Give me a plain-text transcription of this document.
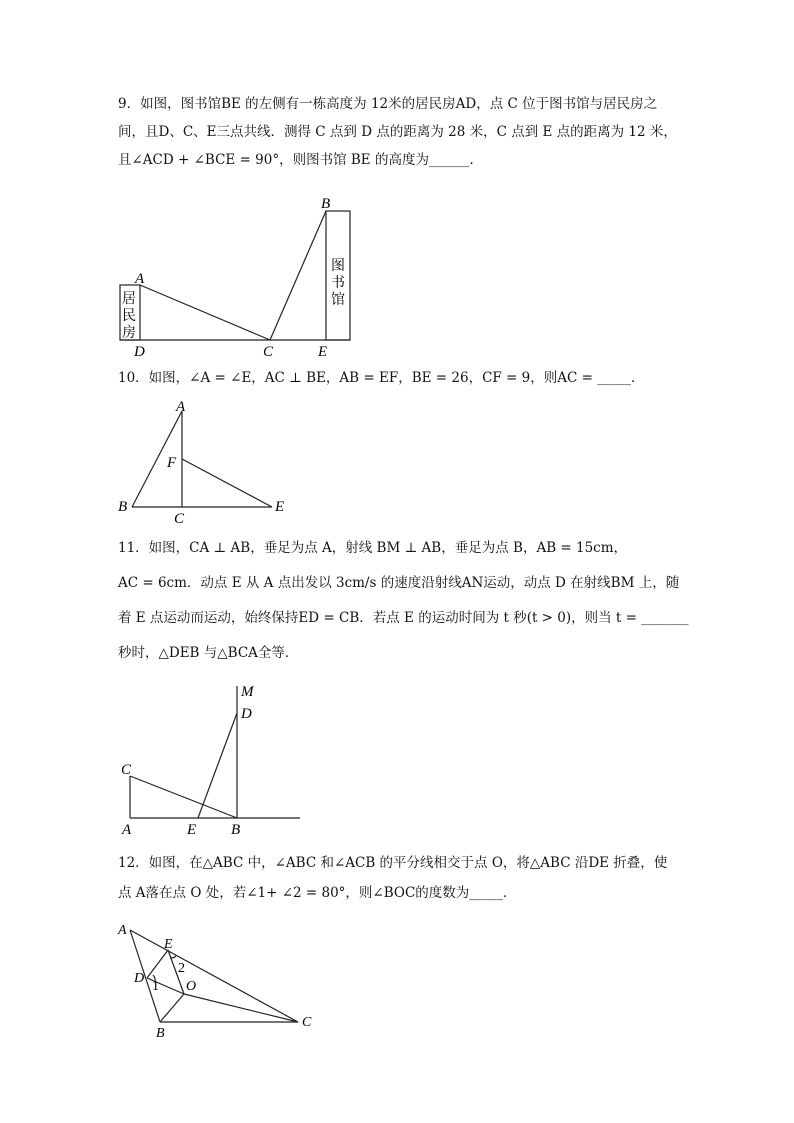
9．如图，图书馆BE 的左侧有一栋高度为 12米的居民房AD，点 C 位于图书馆与居民房之

间，且D、C、E三点共线．测得 C 点到 D 点的距离为 28 米，C 点到 E 点的距离为 12 米，

且∠ACD + ∠BCE = 90°，则图书馆 BE 的高度为______．

A
B
C
D	E
居
民
房
图
书
馆

10．如图，∠A = ∠E，AC ⊥ BE，AB = EF，BE = 26，CF = 9，则AC = _____．

A
F
B
C
E

11．如图，CA ⊥ AB，垂足为点 A，射线 BM ⊥ AB，垂足为点 B，AB = 15cm，

AC = 6cm．动点 E 从 A 点出发以 3cm/s 的速度沿射线AN运动，动点 D 在射线BM 上，随

着 E 点运动而运动，始终保持ED = CB．若点 E 的运动时间为 t 秒(t > 0)，则当 t = _______

秒时，△DEB 与△BCA全等．

M
D
C
A	E B

12．如图，在△ABC 中，∠ABC 和∠ACB 的平分线相交于点 O，将△ABC 沿DE 折叠，使

点 A落在点 O 处，若∠1+ ∠2 = 80°，则∠BOC的度数为_____．

A
E
2
D
1 O
B
C
